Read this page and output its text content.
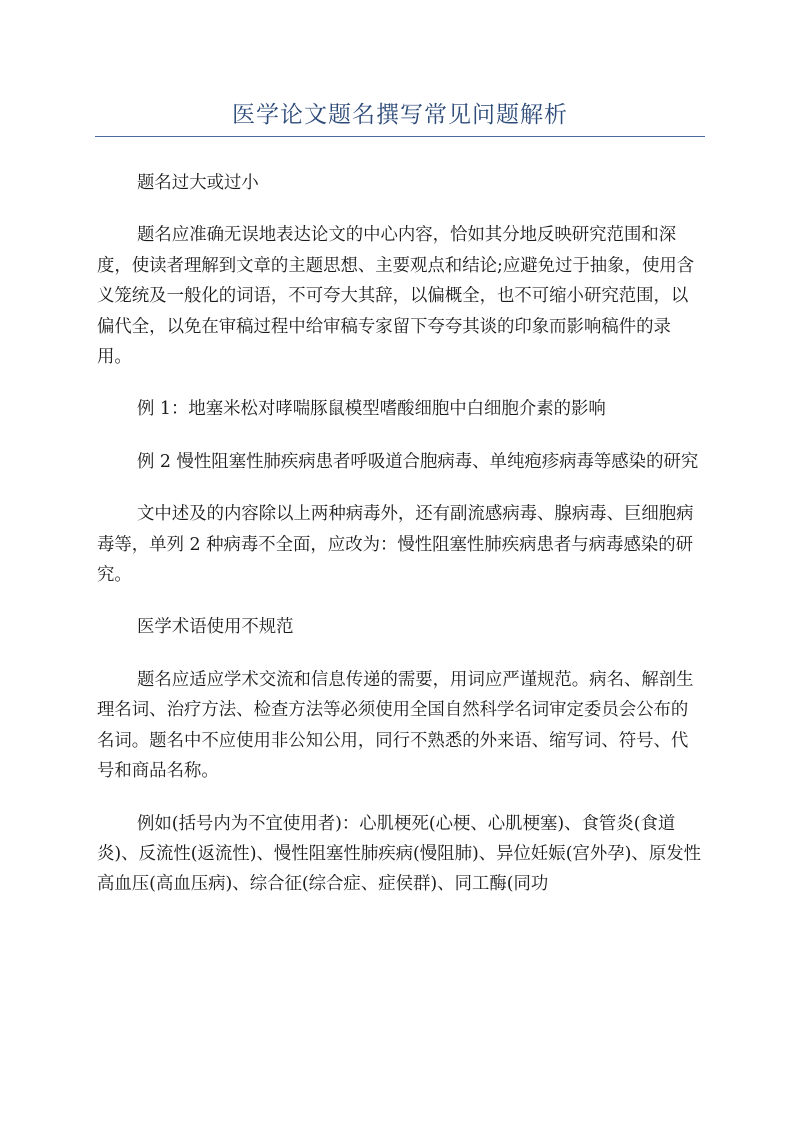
医学论文题名撰写常见问题解析

题名过大或过小

题名应准确无误地表达论文的中心内容，恰如其分地反映研究范围和深度，使读者理解到文章的主题思想、主要观点和结论;应避免过于抽象，使用含义笼统及一般化的词语，不可夸大其辞，以偏概全，也不可缩小研究范围，以偏代全，以免在审稿过程中给审稿专家留下夸夸其谈的印象而影响稿件的录用。

例 1：地塞米松对哮喘豚鼠模型嗜酸细胞中白细胞介素的影响

例 2 慢性阻塞性肺疾病患者呼吸道合胞病毒、单纯疱疹病毒等感染的研究

文中述及的内容除以上两种病毒外，还有副流感病毒、腺病毒、巨细胞病毒等，单列 2 种病毒不全面，应改为：慢性阻塞性肺疾病患者与病毒感染的研究。

医学术语使用不规范

题名应适应学术交流和信息传递的需要，用词应严谨规范。病名、解剖生理名词、治疗方法、检查方法等必须使用全国自然科学名词审定委员会公布的名词。题名中不应使用非公知公用，同行不熟悉的外来语、缩写词、符号、代号和商品名称。

例如(括号内为不宜使用者)：心肌梗死(心梗、心肌梗塞)、食管炎(食道炎)、反流性(返流性)、慢性阻塞性肺疾病(慢阻肺)、异位妊娠(宫外孕)、原发性高血压(高血压病)、综合征(综合症、症侯群)、同工酶(同功
